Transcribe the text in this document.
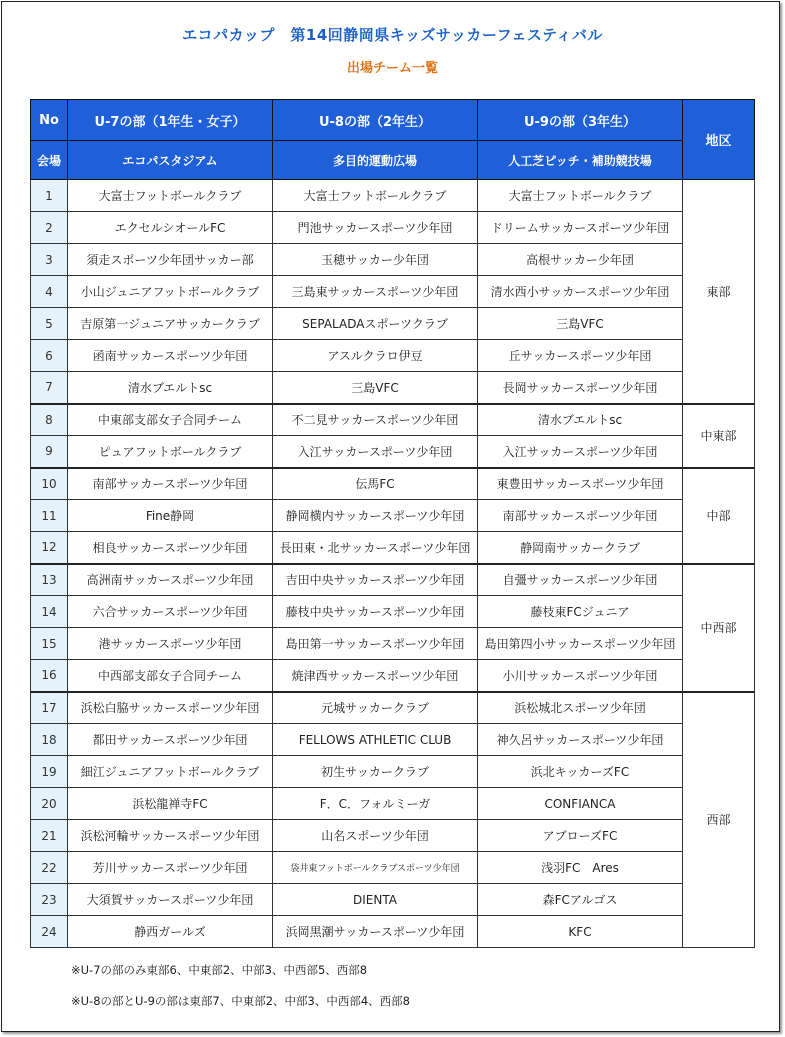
エコパカップ　第14回静岡県キッズサッカーフェスティバル
出場チーム一覧
No	U-7の部（1年生・女子）	U-8の部（2年生）	U-9の部（3年生）	地区
会場	エコパスタジアム	多目的運動広場	人工芝ピッチ・補助競技場	
1	大富士フットボールクラブ	大富士フットボールクラブ	大富士フットボールクラブ	東部
2	エクセルシオールFC	門池サッカースポーツ少年団	ドリームサッカースポーツ少年団	
3	須走スポーツ少年団サッカー部	玉穂サッカー少年団	高根サッカー少年団	
4	小山ジュニアフットボールクラブ	三島東サッカースポーツ少年団	清水西小サッカースポーツ少年団	
5	吉原第一ジュニアサッカークラブ	SEPALADAスポーツクラブ	三島VFC	
6	函南サッカースポーツ少年団	アスルクラロ伊豆	丘サッカースポーツ少年団	
7	清水ブエルトsc	三島VFC	長岡サッカースポーツ少年団	
8	中東部支部女子合同チーム	不二見サッカースポーツ少年団	清水ブエルトsc	中東部
9	ピュアフットボールクラブ	入江サッカースポーツ少年団	入江サッカースポーツ少年団	
10	南部サッカースポーツ少年団	伝馬FC	東豊田サッカースポーツ少年団	中部
11	Fine静岡	静岡横内サッカースポーツ少年団	南部サッカースポーツ少年団	
12	相良サッカースポーツ少年団	長田東・北サッカースポーツ少年団	静岡南サッカークラブ	
13	高洲南サッカースポーツ少年団	吉田中央サッカースポーツ少年団	自彊サッカースポーツ少年団	中西部
14	六合サッカースポーツ少年団	藤枝中央サッカースポーツ少年団	藤枝東FCジュニア	
15	港サッカースポーツ少年団	島田第一サッカースポーツ少年団	島田第四小サッカースポーツ少年団	
16	中西部支部女子合同チーム	焼津西サッカースポーツ少年団	小川サッカースポーツ少年団	
17	浜松白脇サッカースポーツ少年団	元城サッカークラブ	浜松城北スポーツ少年団	西部
18	都田サッカースポーツ少年団	FELLOWS ATHLETIC CLUB	神久呂サッカースポーツ少年団	
19	細江ジュニアフットボールクラブ	初生サッカークラブ	浜北キッカーズFC	
20	浜松龍禅寺FC	F．C．フォルミーガ	CONFIANCA	
21	浜松河輪サッカースポーツ少年団	山名スポーツ少年団	アブローズFC	
22	芳川サッカースポーツ少年団	袋井東フットボールクラブスポーツ少年団	浅羽FC　Ares	
23	大須賀サッカースポーツ少年団	DIENTA	森FCアルゴス	
24	静西ガールズ	浜岡黒潮サッカースポーツ少年団	KFC	
※U-7の部のみ東部6、中東部2、中部3、中西部5、西部8
※U-8の部とU-9の部は東部7、中東部2、中部3、中西部4、西部8
